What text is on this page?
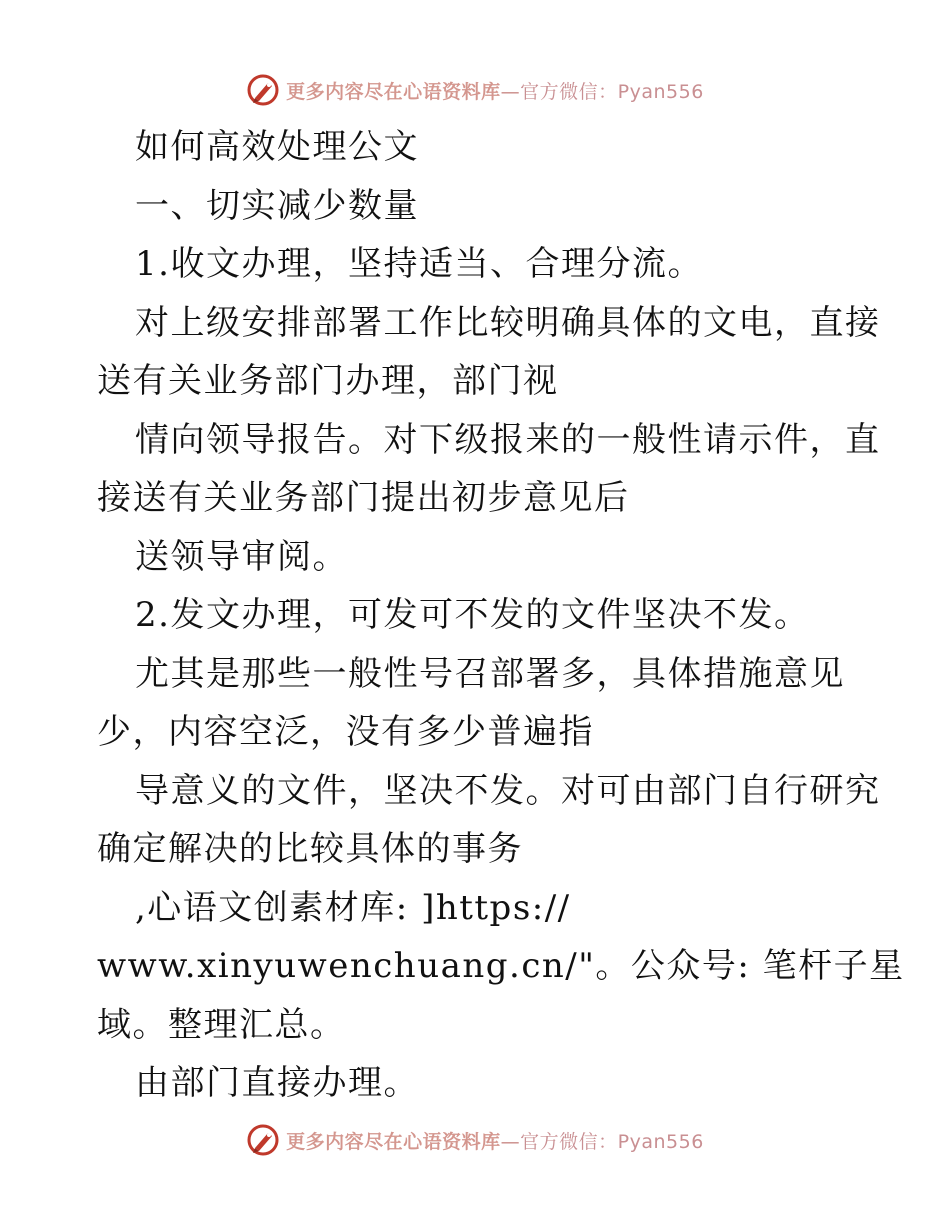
更多内容尽在心语资料库—官方微信：Pyan556
如何高效处理公文
一、切实减少数量
1.收文办理，坚持适当、合理分流。
对上级安排部署工作比较明确具体的文电，直接
送有关业务部门办理，部门视
情向领导报告。对下级报来的一般性请示件，直
接送有关业务部门提出初步意见后
送领导审阅。
2.发文办理，可发可不发的文件坚决不发。
尤其是那些一般性号召部署多，具体措施意见
少，内容空泛，没有多少普遍指
导意义的文件，坚决不发。对可由部门自行研究
确定解决的比较具体的事务
,心语文创素材库: ]https://
www.xinyuwenchuang.cn/"。公众号: 笔杆子星
域。整理汇总。
由部门直接办理。
更多内容尽在心语资料库—官方微信：Pyan556
